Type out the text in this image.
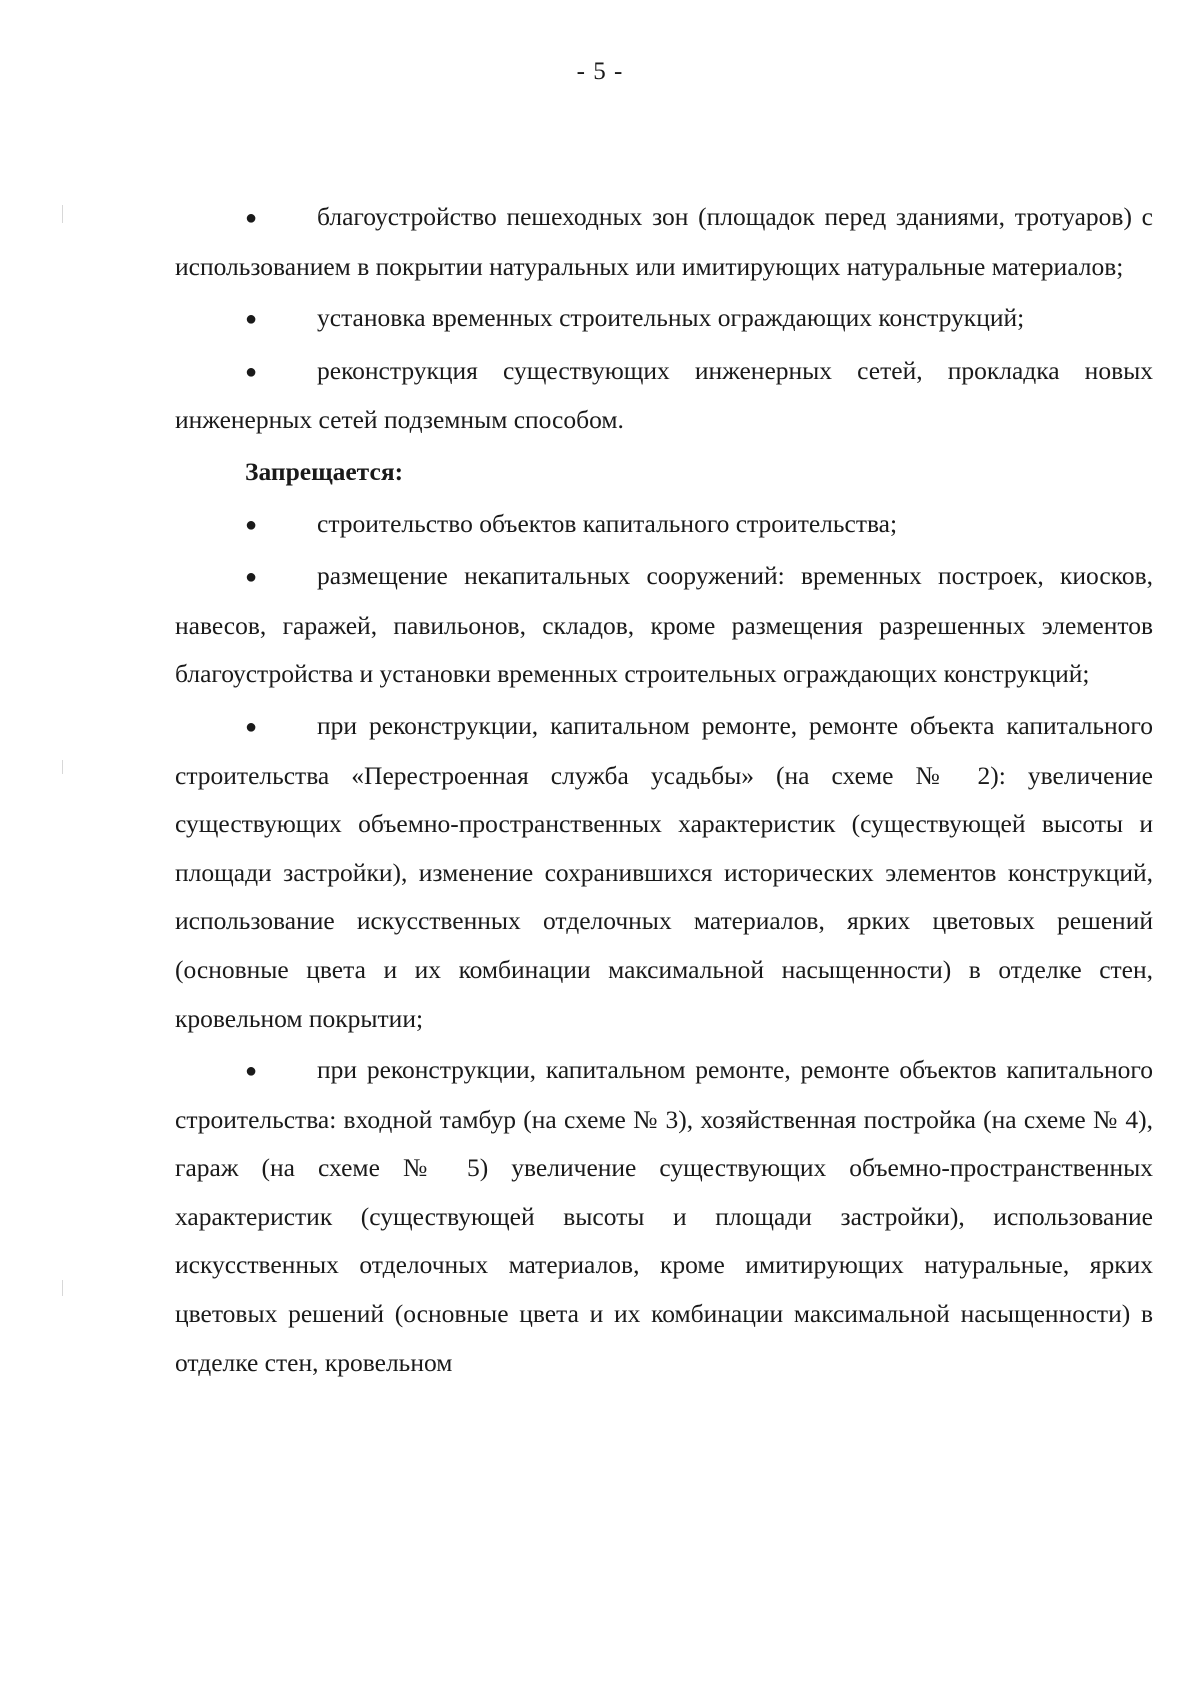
- 5 -

● благоустройство пешеходных зон (площадок перед зданиями, тротуаров) с использованием в покрытии натуральных или имитирующих натуральные материалов;

● установка временных строительных ограждающих конструкций;

● реконструкция существующих инженерных сетей, прокладка новых инженерных сетей подземным способом.

Запрещается:

● строительство объектов капитального строительства;

● размещение некапитальных сооружений: временных построек, киосков, навесов, гаражей, павильонов, складов, кроме размещения разрешенных элементов благоустройства и установки временных строительных ограждающих конструкций;

● при реконструкции, капитальном ремонте, ремонте объекта капитального строительства «Перестроенная служба усадьбы» (на схеме № 2): увеличение существующих объемно-пространственных характеристик (существующей высоты и площади застройки), изменение сохранившихся исторических элементов конструкций, использование искусственных отделочных материалов, ярких цветовых решений (основные цвета и их комбинации максимальной насыщенности) в отделке стен, кровельном покрытии;

● при реконструкции, капитальном ремонте, ремонте объектов капитального строительства: входной тамбур (на схеме № 3), хозяйственная постройка (на схеме № 4), гараж (на схеме № 5) увеличение существующих объемно-пространственных характеристик (существующей высоты и площади застройки), использование искусственных отделочных материалов, кроме имитирующих натуральные, ярких цветовых решений (основные цвета и их комбинации максимальной насыщенности) в отделке стен, кровельном
